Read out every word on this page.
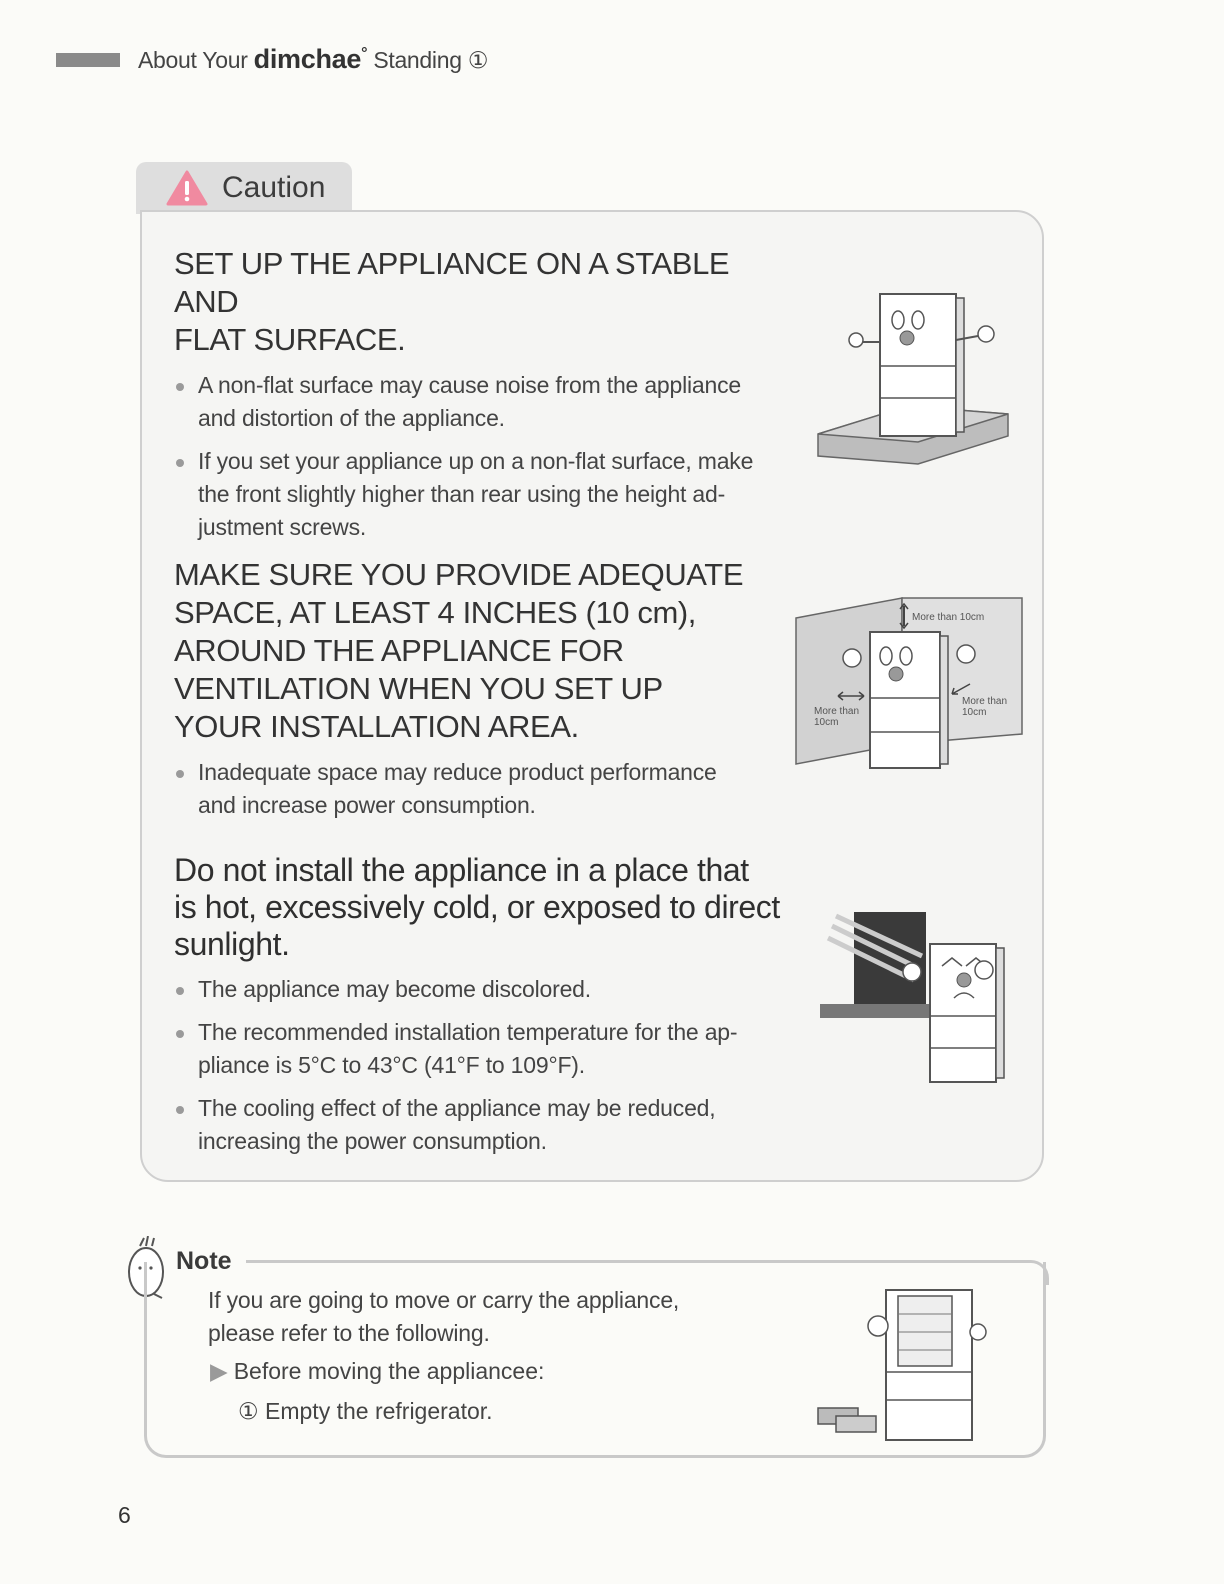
About Your dimchae° Standing ①
Caution
SET UP THE APPLIANCE ON A STABLE AND
FLAT SURFACE.
A non-flat surface may cause noise from the appliance
and distortion of the appliance.
If you set your appliance up on a non-flat surface, make
the front slightly higher than rear using the height ad-
justment screws.
MAKE SURE YOU PROVIDE ADEQUATE
SPACE, AT LEAST 4 INCHES (10 cm),
AROUND THE APPLIANCE FOR
VENTILATION WHEN YOU SET UP
YOUR INSTALLATION AREA.
Inadequate space may reduce product performance
and increase power consumption.
More than 10cm
More than
10cm
More than
10cm
Do not install the appliance in a place that
is hot, excessively cold, or exposed to direct
sunlight.
The appliance may become discolored.
The recommended installation temperature for the ap-
pliance is 5°C to 43°C (41°F to 109°F).
The cooling effect of the appliance may be reduced,
increasing the power consumption.
Note
If you are going to move or carry the appliance,
please refer to the following.
▶ Before moving the appliancee:
① Empty the refrigerator.
6
